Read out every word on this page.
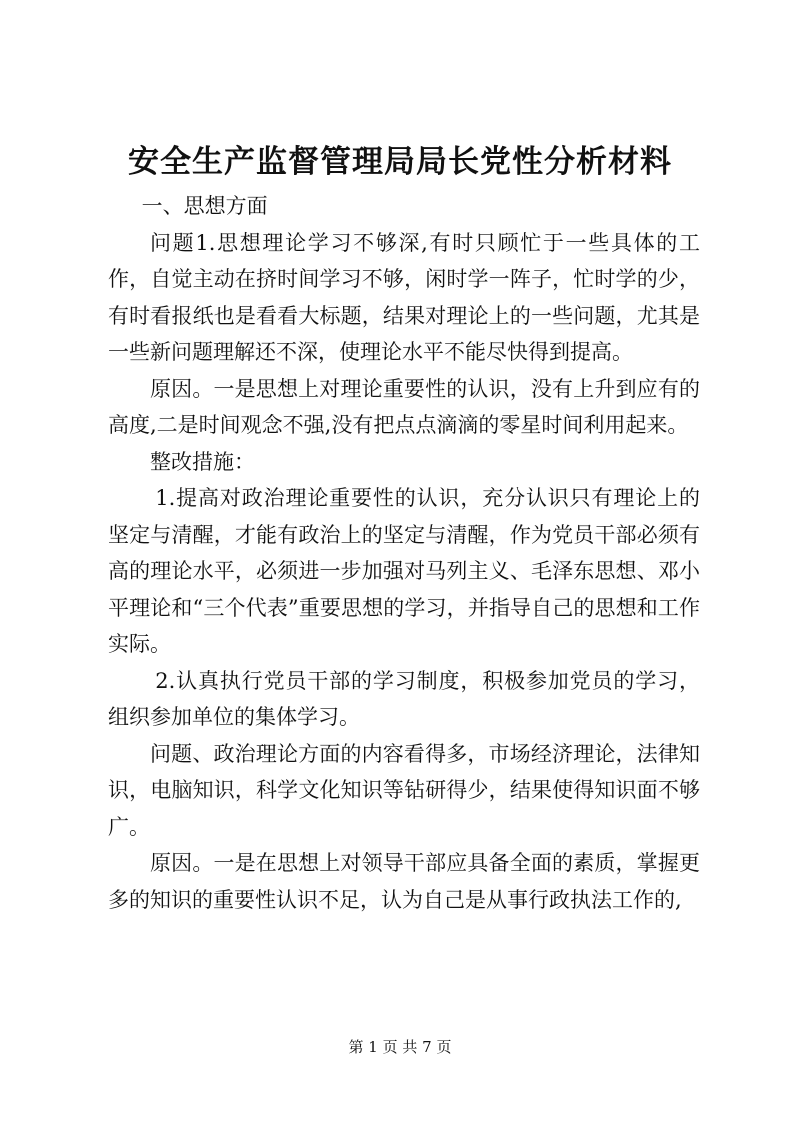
安全生产监督管理局局长党性分析材料

一、思想方面

问题1.思想理论学习不够深,有时只顾忙于一些具体的工作，自觉主动在挤时间学习不够，闲时学一阵子，忙时学的少，有时看报纸也是看看大标题，结果对理论上的一些问题，尤其是一些新问题理解还不深，使理论水平不能尽快得到提高。

原因。一是思想上对理论重要性的认识，没有上升到应有的高度,二是时间观念不强,没有把点点滴滴的零星时间利用起来。

整改措施：

1.提高对政治理论重要性的认识，充分认识只有理论上的坚定与清醒，才能有政治上的坚定与清醒，作为党员干部必须有高的理论水平，必须进一步加强对马列主义、毛泽东思想、邓小平理论和“三个代表”重要思想的学习，并指导自己的思想和工作实际。

2.认真执行党员干部的学习制度，积极参加党员的学习，组织参加单位的集体学习。

问题、政治理论方面的内容看得多，市场经济理论，法律知识，电脑知识，科学文化知识等钻研得少，结果使得知识面不够广。

原因。一是在思想上对领导干部应具备全面的素质，掌握更多的知识的重要性认识不足，认为自己是从事行政执法工作的,

第 1 页 共 7 页
